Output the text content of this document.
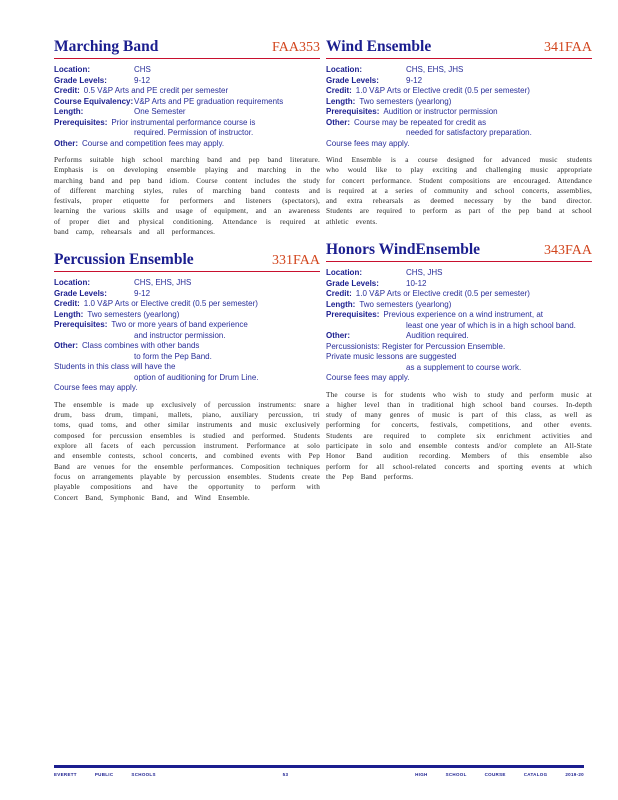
Marching Band	FAA353
Location:	CHS
Grade Levels:	9-12
Credit: 0.5 V&P Arts and PE credit per semester
Course Equivalency: V&P Arts and PE graduation requirements
Length:	One Semester
Prerequisites: Prior instrumental performance course is
required. Permission of instructor.
Other: Course and competition fees may apply.
Performs suitable high school marching band and pep band literature. Emphasis is on developing ensemble playing and marching in the marching band and pep band idiom. Course content includes the study of different marching styles, rules of marching band contests and festivals, proper etiquette for performers and listeners (spectators), learning the various skills and usage of equipment, and an awareness of proper diet and physical conditioning. Attendance is required at band camp, rehearsals and all performances.
Percussion Ensemble	331FAA
Location:	CHS, EHS, JHS
Grade Levels:	9-12
Credit: 1.0 V&P Arts or Elective credit (0.5 per semester)
Length: Two semesters (yearlong)
Prerequisites: Two or more years of band experience
and instructor permission.
Other: Class combines with other bands
to form the Pep Band.
Students in this class will have the
option of auditioning for Drum Line.
Course fees may apply.
The ensemble is made up exclusively of percussion instruments: snare drum, bass drum, timpani, mallets, piano, auxiliary percussion, tri toms, quad toms, and other similar instruments and music exclusively composed for percussion ensembles is studied and performed. Students explore all facets of each percussion instrument. Performance at solo and ensemble contests, school concerts, and combined events with Pep Band are venues for the ensemble performances. Composition techniques focus on arrangements playable by percussion ensembles. Students create playable compositions and have the opportunity to perform with Concert Band, Symphonic Band, and Wind Ensemble.
Wind Ensemble	341FAA
Location:	CHS, EHS, JHS
Grade Levels:	9-12
Credit: 1.0 V&P Arts or Elective credit (0.5 per semester)
Length: Two semesters (yearlong)
Prerequisites: Audition or instructor permission
Other: Course may be repeated for credit as
needed for satisfactory preparation.
Course fees may apply.
Wind Ensemble is a course designed for advanced music students who would like to play exciting and challenging music appropriate for concert performance. Student compositions are encouraged. Attendance is required at a series of community and school concerts, assemblies, and extra rehearsals as deemed necessary by the band director. Students are required to perform as part of the pep band at school athletic events.
Honors WindEnsemble	343FAA
Location:	CHS, JHS
Grade Levels:	10-12
Credit: 1.0 V&P Arts or Elective credit (0.5 per semester)
Length: Two semesters (yearlong)
Prerequisites: Previous experience on a wind instrument, at
least one year of which is in a high school band.
Other:	Audition required.
Percussionists: Register for Percussion Ensemble.
Private music lessons are suggested
as a supplement to course work.
Course fees may apply.
The course is for students who wish to study and perform music at a higher level than in traditional high school band courses. In-depth study of many genres of music is part of this class, as well as performing for concerts, festivals, competitions, and other events. Students are required to complete six enrichment activities and participate in solo and ensemble contests and/or complete an All-State Honor Band audition recording. Members of this ensemble also perform for all school-related concerts and sporting events at which the Pep Band performs.
EVERETT	PUBLIC	SCHOOLS	53	HIGH	SCHOOL	COURSE	CATALOG	2019-20
